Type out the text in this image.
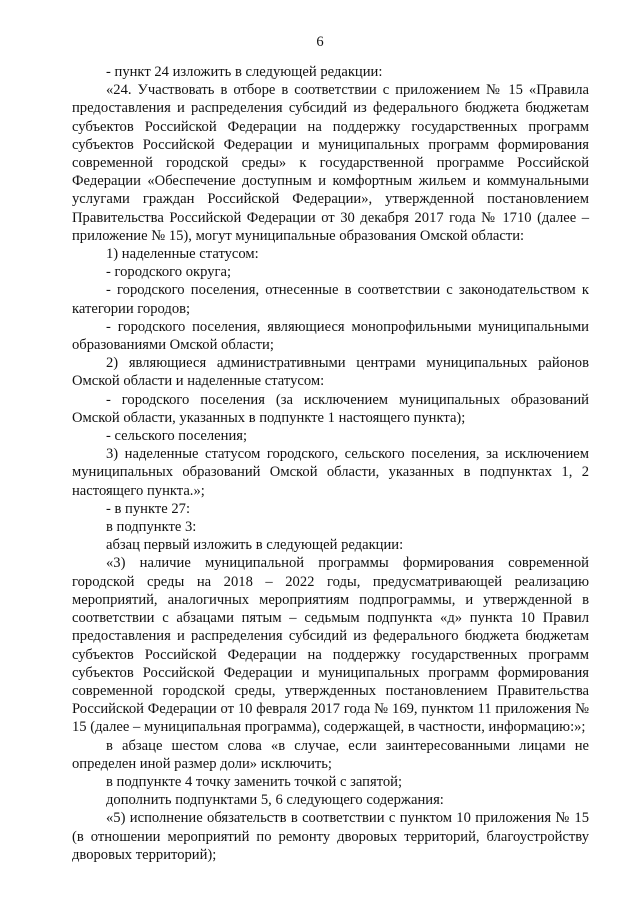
6

- пункт 24 изложить в следующей редакции:

«24. Участвовать в отборе в соответствии с приложением № 15 «Правила предоставления и распределения субсидий из федерального бюджета бюджетам субъектов Российской Федерации на поддержку государственных программ субъектов Российской Федерации и муниципальных программ формирования современной городской среды» к государственной программе Российской Федерации «Обеспечение доступным и комфортным жильем и коммунальными услугами граждан Российской Федерации», утвержденной постановлением Правительства Российской Федерации от 30 декабря 2017 года № 1710 (далее – приложение № 15), могут муниципальные образования Омской области:

1) наделенные статусом:

- городского округа;

- городского поселения, отнесенные в соответствии с законодательством к категории городов;

- городского поселения, являющиеся монопрофильными муниципальными образованиями Омской области;

2) являющиеся административными центрами муниципальных районов Омской области и наделенные статусом:

- городского поселения (за исключением муниципальных образований Омской области, указанных в подпункте 1 настоящего пункта);

- сельского поселения;

3) наделенные статусом городского, сельского поселения, за исключением муниципальных образований Омской области, указанных в подпунктах 1, 2 настоящего пункта.»;

- в пункте 27:

в подпункте 3:

абзац первый изложить в следующей редакции:

«3) наличие муниципальной программы формирования современной городской среды на 2018 – 2022 годы, предусматривающей реализацию мероприятий, аналогичных мероприятиям подпрограммы, и утвержденной в соответствии с абзацами пятым – седьмым подпункта «д» пункта 10 Правил предоставления и распределения субсидий из федерального бюджета бюджетам субъектов Российской Федерации на поддержку государственных программ субъектов Российской Федерации и муниципальных программ формирования современной городской среды, утвержденных постановлением Правительства Российской Федерации от 10 февраля 2017 года № 169, пунктом 11 приложения № 15 (далее – муниципальная программа), содержащей, в частности, информацию:»;

в абзаце шестом слова «в случае, если заинтересованными лицами не определен иной размер доли» исключить;

в подпункте 4 точку заменить точкой с запятой;

дополнить подпунктами 5, 6 следующего содержания:

«5) исполнение обязательств в соответствии с пунктом 10 приложения № 15 (в отношении мероприятий по ремонту дворовых территорий, благоустройству дворовых территорий);
